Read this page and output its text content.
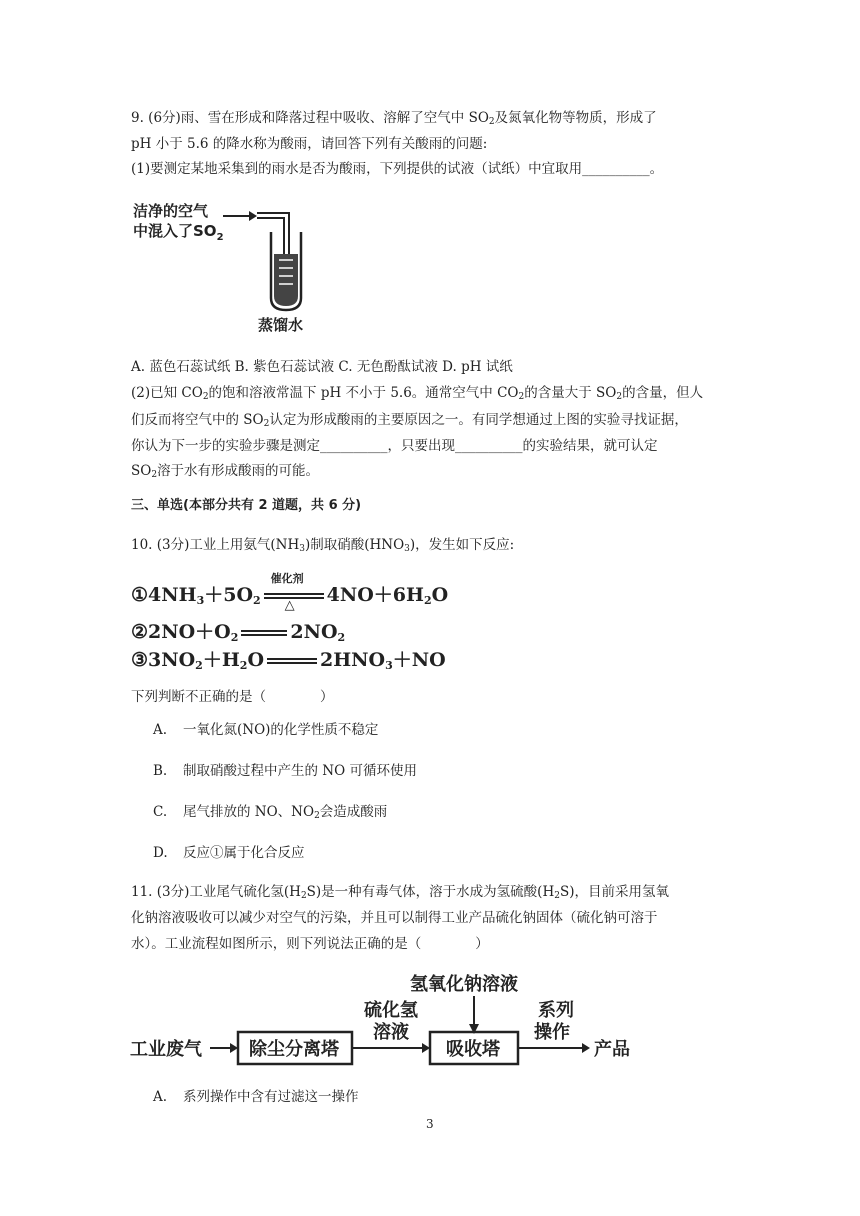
9. (6分)雨、雪在形成和降落过程中吸收、溶解了空气中 $SO_2$及氮氧化物等物质，形成了
pH 小于 5.6 的降水称为酸雨，请回答下列有关酸雨的问题:
(1)要测定某地采集到的雨水是否为酸雨，下列提供的试液（试纸）中宜取用__________。
洁净的空气
中混入了$SO_2$
蒸馏水
A. 蓝色石蕊试纸 B. 紫色石蕊试液 C. 无色酚酞试液 D. pH 试纸
(2)已知 $CO_2$的饱和溶液常温下 pH 不小于 5.6。通常空气中 $CO_2$的含量大于 $SO_2$的含量，但人
们反而将空气中的 $SO_2$认定为形成酸雨的主要原因之一。有同学想通过上图的实验寻找证据，
你认为下一步的实验步骤是测定__________，只要出现__________的实验结果，就可认定
$SO_2$溶于水有形成酸雨的可能。
三、单选(本部分共有 2 道题，共 6 分)
10. (3分)工业上用氨气$(NH_3)$制取硝酸$(HNO_3)$，发生如下反应:
$①4NH_3+5O_2$
催化剂
△ $4NO+6H_2O$
$②2NO+O_2$	$2NO_2$
$③3NO_2+H_2O$	$2HNO_3+NO$
下列判断不正确的是（　　　　）
A. 一氧化氮(NO)的化学性质不稳定
B. 制取硝酸过程中产生的 NO 可循环使用
C. 尾气排放的 NO、$NO_2$会造成酸雨
D. 反应①属于化合反应
11. (3分)工业尾气硫化氢$(H_2S)$是一种有毒气体，溶于水成为氢硫酸$(H_2S)$，目前采用氢氧
化钠溶液吸收可以减少对空气的污染，并且可以制得工业产品硫化钠固体（硫化钠可溶于
水）。工业流程如图所示，则下列说法正确的是（　　　　）
氢氧化钠溶液
工业废气	除尘分离塔
硫化氢
溶液
吸收塔
系列
操作
产品
A. 系列操作中含有过滤这一操作
3
